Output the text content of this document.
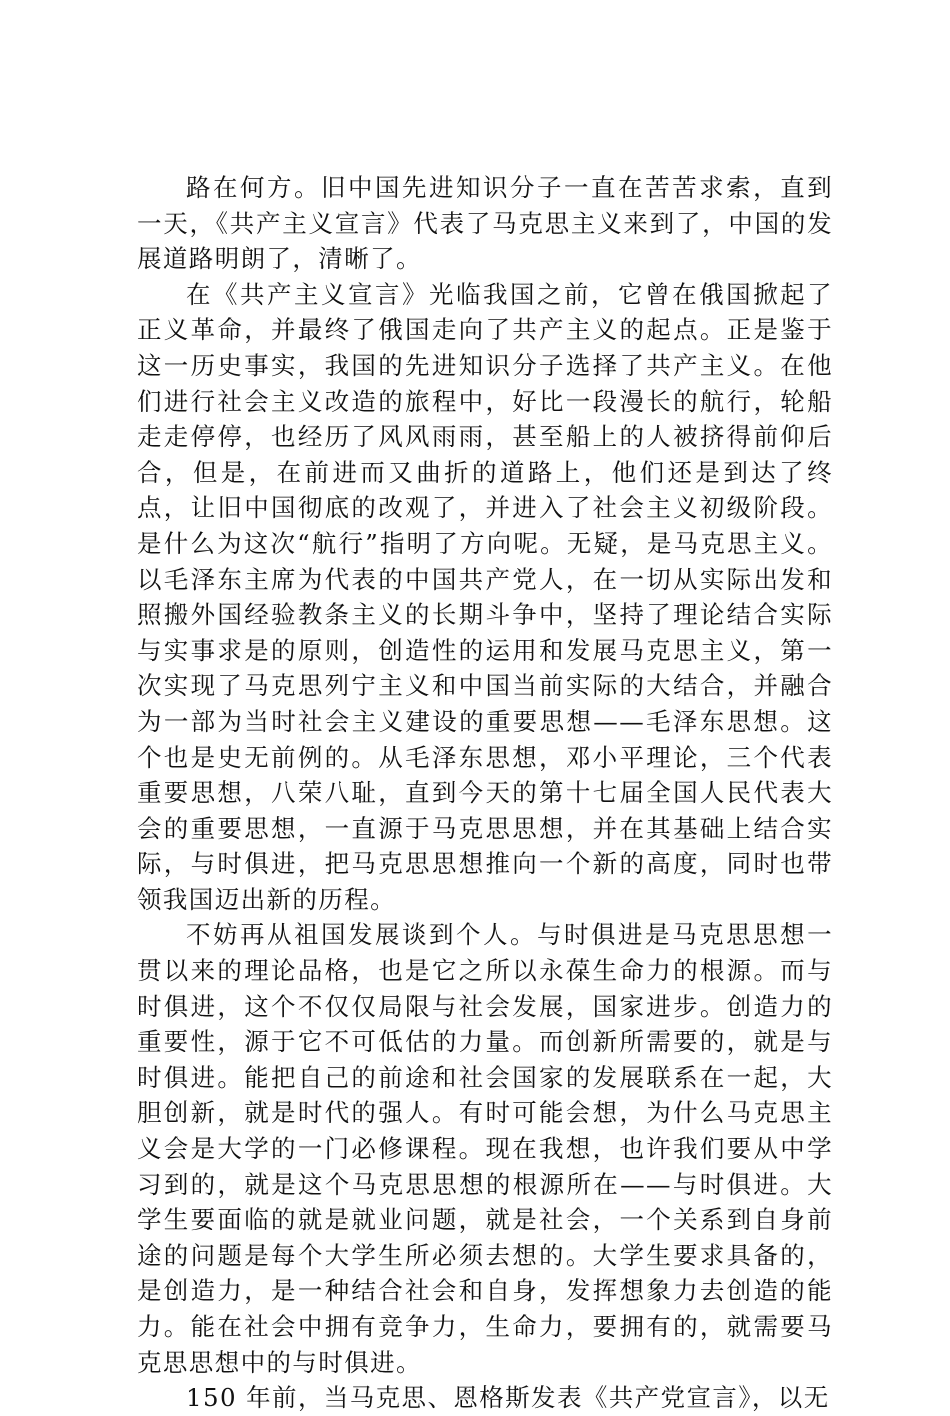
路在何方。旧中国先进知识分子一直在苦苦求索，直到一天，《共产主义宣言》代表了马克思主义来到了，中国的发展道路明朗了，清晰了。

在《共产主义宣言》光临我国之前，它曾在俄国掀起了正义革命，并最终了俄国走向了共产主义的起点。正是鉴于这一历史事实，我国的先进知识分子选择了共产主义。在他们进行社会主义改造的旅程中，好比一段漫长的航行，轮船走走停停，也经历了风风雨雨，甚至船上的人被挤得前仰后合，但是，在前进而又曲折的道路上，他们还是到达了终点，让旧中国彻底的改观了，并进入了社会主义初级阶段。是什么为这次“航行”指明了方向呢。无疑，是马克思主义。以毛泽东主席为代表的中国共产党人，在一切从实际出发和照搬外国经验教条主义的长期斗争中，坚持了理论结合实际与实事求是的原则，创造性的运用和发展马克思主义，第一次实现了马克思列宁主义和中国当前实际的大结合，并融合为一部为当时社会主义建设的重要思想——毛泽东思想。这个也是史无前例的。从毛泽东思想，邓小平理论，三个代表重要思想，八荣八耻，直到今天的第十七届全国人民代表大会的重要思想，一直源于马克思思想，并在其基础上结合实际，与时俱进，把马克思思想推向一个新的高度，同时也带领我国迈出新的历程。

不妨再从祖国发展谈到个人。与时俱进是马克思思想一贯以来的理论品格，也是它之所以永葆生命力的根源。而与时俱进，这个不仅仅局限与社会发展，国家进步。创造力的重要性，源于它不可低估的力量。而创新所需要的，就是与时俱进。能把自己的前途和社会国家的发展联系在一起，大胆创新，就是时代的强人。有时可能会想，为什么马克思主义会是大学的一门必修课程。现在我想，也许我们要从中学习到的，就是这个马克思思想的根源所在——与时俱进。大学生要面临的就是就业问题，就是社会，一个关系到自身前途的问题是每个大学生所必须去想的。大学生要求具备的，是创造力，是一种结合社会和自身，发挥想象力去创造的能力。能在社会中拥有竞争力，生命力，要拥有的，就需要马克思思想中的与时俱进。

150 年前，当马克思、恩格斯发表《共产党宣言》，以无
